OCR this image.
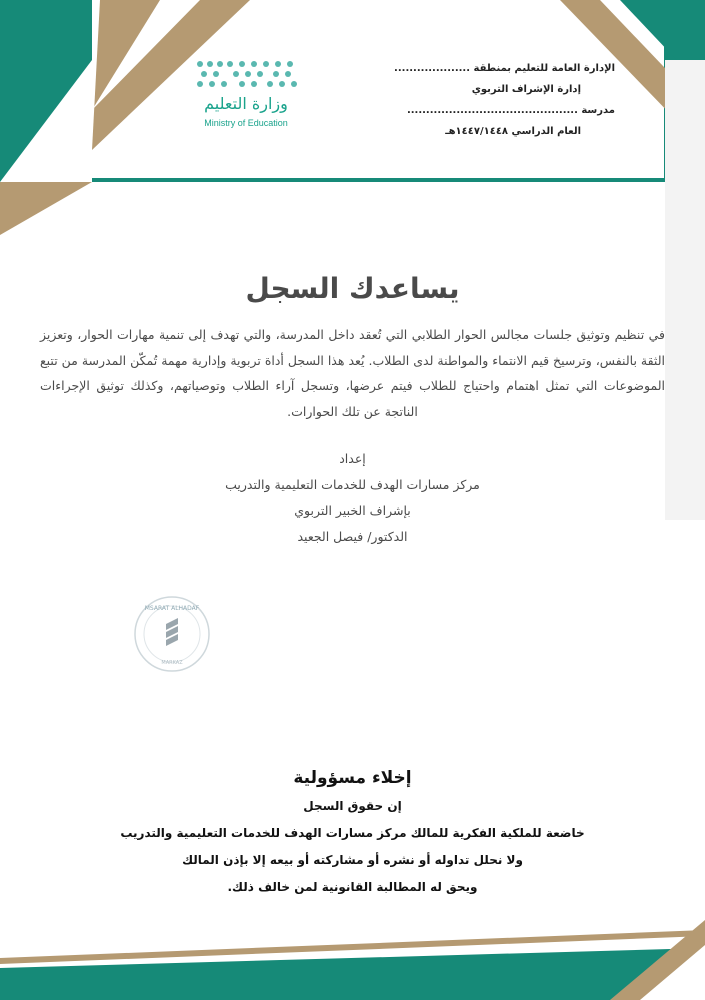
وزارة التعليم
Ministry of Education
الإدارة العامة للتعليم بمنطقة ....................
إدارة الإشراف التربوي
مدرسة .............................................
العام الدراسي ١٤٤٧/١٤٤٨هـ
يساعدك السجل
في تنظيم وتوثيق جلسات مجالس الحوار الطلابي التي تُعقد داخل المدرسة، والتي تهدف إلى تنمية مهارات الحوار، وتعزيز الثقة بالنفس، وترسيخ قيم الانتماء والمواطنة لدى الطلاب. يُعد هذا السجل أداة تربوية وإدارية مهمة تُمكّن المدرسة من تتبع الموضوعات التي تمثل اهتمام واحتياج للطلاب فيتم عرضها، وتسجل آراء الطلاب وتوصياتهم، وكذلك توثيق الإجراءات الناتجة عن تلك الحوارات.
إعداد
مركز مسارات الهدف للخدمات التعليمية والتدريب
بإشراف الخبير التربوي
الدكتور/ فيصل الجعيد
MSARAT ALHADAF
MARKAZ
إخلاء مسؤولية
إن حقوق السجل
خاضعة للملكية الفكرية للمالك مركز مسارات الهدف للخدمات التعليمية والتدريب
ولا نحلل تداوله أو نشره أو مشاركته أو بيعه إلا بإذن المالك
ويحق له المطالبة القانونية لمن خالف ذلك.
